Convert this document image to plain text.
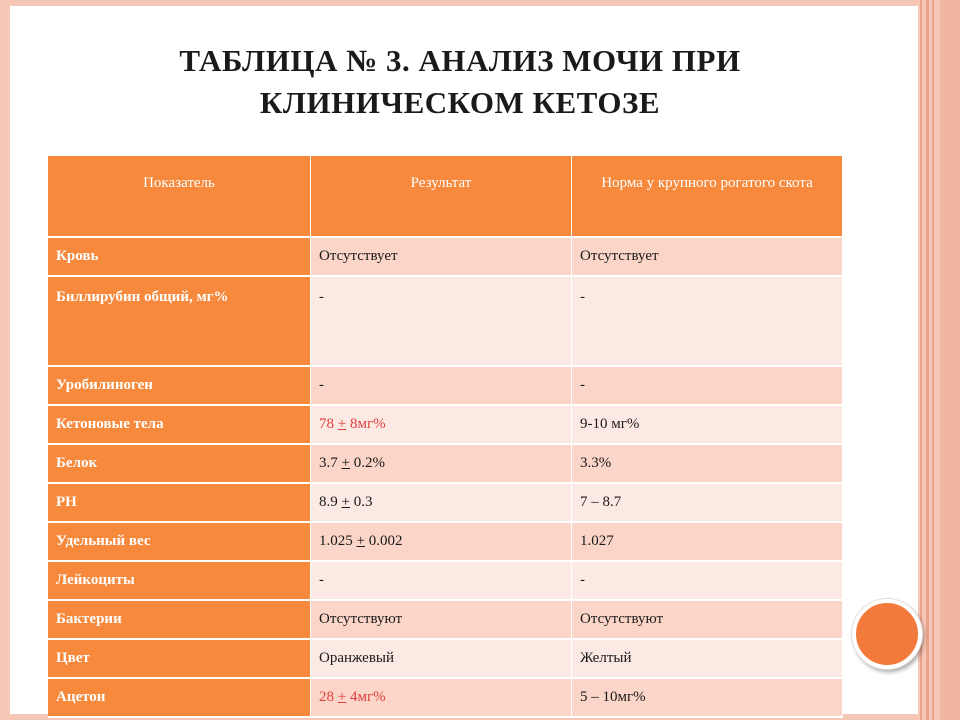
ТАБЛИЦА № 3. АНАЛИЗ МОЧИ ПРИ
КЛИНИЧЕСКОМ КЕТОЗЕ
Показатель	Результат	Норма у крупного рогатого скота
Кровь	Отсутствует	Отсутствует
Биллирубин общий, мг%	-	-
Уробилиноген	-	-
Кетоновые тела	78 + 8мг%	9-10 мг%
Белок	3.7 + 0.2%	3.3%
PH	8.9 + 0.3	7 – 8.7
Удельный вес	1.025 + 0.002	1.027
Лейкоциты	-	-
Бактерии	Отсутствуют	Отсутствуют
Цвет	Оранжевый	Желтый
Ацетон	28 + 4мг%	5 – 10мг%
